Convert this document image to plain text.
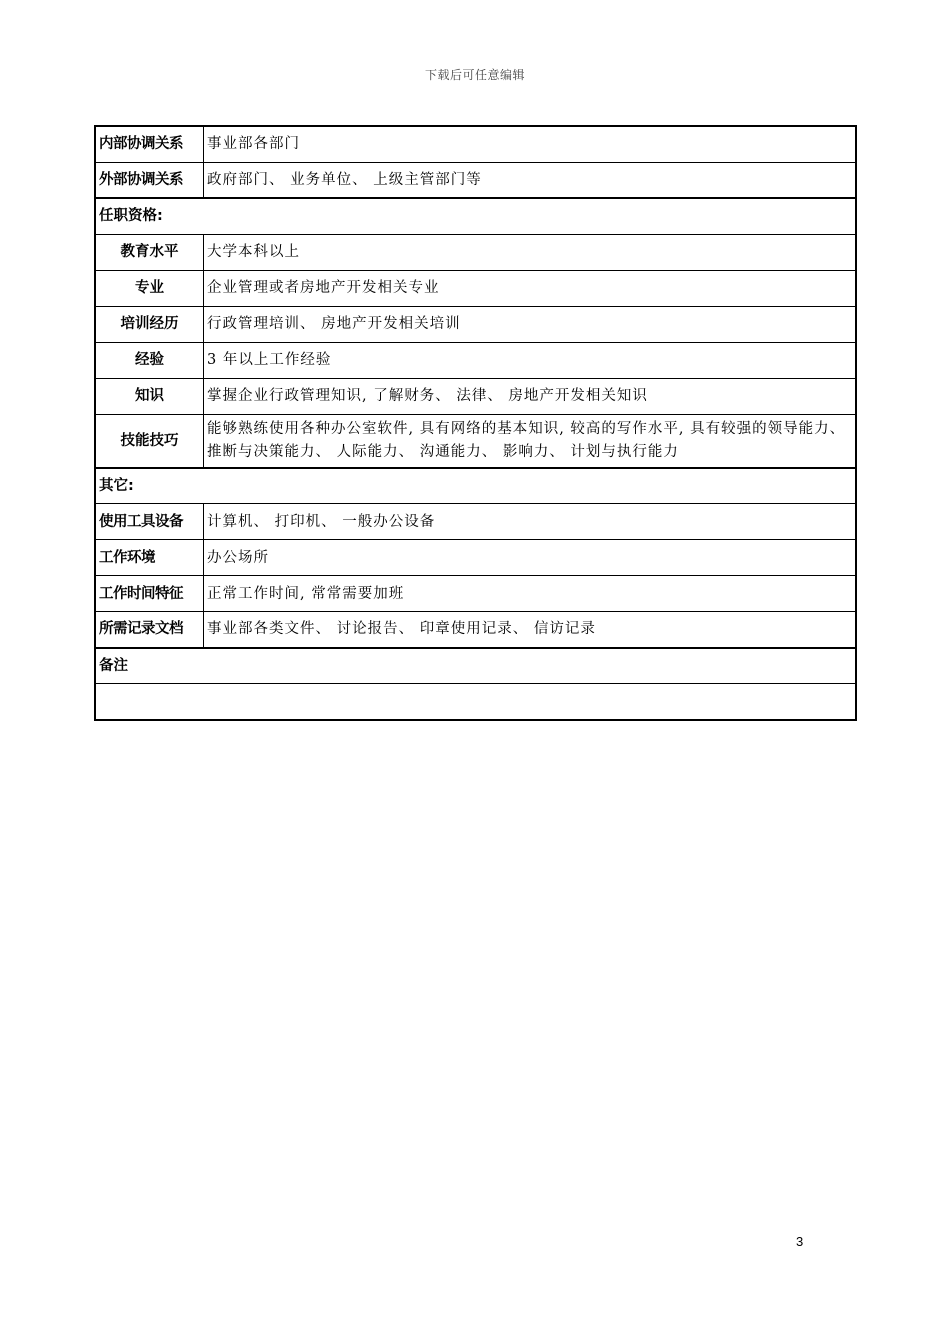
下载后可任意编辑
内部协调关系	事业部各部门
外部协调关系	政府部门、 业务单位、 上级主管部门等
任职资格:	
教育水平	大学本科以上
专业	企业管理或者房地产开发相关专业
培训经历	行政管理培训、 房地产开发相关培训
经验	3 年以上工作经验
知识	掌握企业行政管理知识, 了解财务、 法律、 房地产开发相关知识
技能技巧	能够熟练使用各种办公室软件, 具有网络的基本知识, 较高的写作水平, 具有较强的领导能力、 推断与决策能力、 人际能力、 沟通能力、 影响力、 计划与执行能力
其它:	
使用工具设备	计算机、 打印机、 一般办公设备
工作环境	办公场所
工作时间特征	正常工作时间, 常常需要加班
所需记录文档	事业部各类文件、 讨论报告、 印章使用记录、 信访记录
备注	

3
